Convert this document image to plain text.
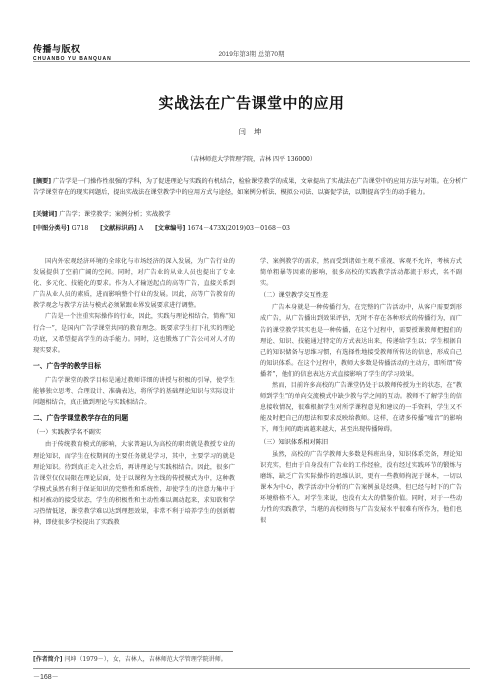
传播与版权
CHUANBO YU BANQUAN
2019年第3期 总第70期
实战法在广告课堂中的应用
闫 坤
（吉林师范大学管理学院，吉林 四平 136000）
[摘要] 广告学是一门操作性很强的学科，为了促进理论与实践的有机结合，检验课堂教学的成果，文章提出了实战法在广告课堂中的应用方法与对策。在分析广告学课堂存在的现实问题后，提出实战法在课堂教学中的应用方式与途径，如案例分析法、模拟公司法、以赛促学法，以期提高学生的动手能力。
[关键词] 广告学；课堂教学；案例分析；实战教学
[中图分类号] G718 [文献标识码] A [文章编号] 1674－473X(2019)03－0168－03

国内外宏观经济环境的全球化与市场经济的深入发展，为广告行业的发展提供了空前广阔的空间。同时，对广告业的从业人员也提出了专业化、多元化、技能化的要求。作为人才输送起点的高等广告，直接关系到广告从业人员的素质，进而影响整个行业的发展。因此，高等广告教育的教学观念与教学方法与模式必须紧跟业界发展要求进行调整。

广告是一个注重实际操作的行业，因此，实践与理论相结合，简称“知行合一”，是国内广告学课堂共同的教育理念。既要求学生打下扎实的理论功底，又希望提高学生的动手能力。同时，这也锻炼了广告公司对人才的现实要求。

一、广告学的教学目标

广告学课堂的教学目标是通过教师详细的讲授与积极的引导，使学生能够独立思考、合理设计、准确表达，将所学的基础理论知识与实际设计问题相结合，真正做到理论与实践相结合。

二、广告学课堂教学存在的问题
（一）实践教学名不副实

由于传统教育模式的影响，大家普遍认为高校的职责就是教授专业的理论知识，而学生在校期间的主要任务就是学习，其中，主要学习的就是理论知识。待到真正走入社会后，再讲理论与实践相结合。因此，很多广告课堂仅仅局限在理论层面，处于以课程为主线的传授模式为中，这种教学模式虽然有利于保证知识的完整性和系统性，却使学生的注意力集中于相对被动的接受状态，学生的积极性和主动性难以调动起来，求知欲和学习热情低迷，课堂教学难以达到理想效果，非常不利于培养学生的创新精神，即使很多学校提出了实践教

学、案例教学的需求，然而受到诸如主观不重视、客观不允许，考核方式简单粗暴等因素的影响，很多高校的实践教学活动都流于形式，名不副实。

（二）课堂教学交互性差

广告本身就是一种传播行为，在完整的广告活动中，从客户需要到形成广告，从广告播出到效果评估，无时不存在各种形式的传播行为，而广告的课堂教学其实也是一种传播，在这个过程中，需要授课教师把握们的理论、知识、技能通过特定的方式表达出来，传递给学生以；学生根据自己的知识储备与思维习惯，有选择性地接受教师所传达的信息，形成自己的知识体系。在这个过程中，教师大多数是传播活动的主动方，即所谓“传播者”，他们的信息表达方式直接影响了学生的学习效果。

然而，目前许多高校的广告课堂仍处于以教师传授为主的状态，在“教师到学生”的单向交流模式中缺少教与学之间的互动。教师不了解学生的信息接收情况，很难根据学生对所学课程意见和建议的一手资料，学生又不能及时把自己的想法和要求反映给教师。这样，在诸多传播“噪音”的影响下，师生间的距离越来越大，甚至出现传播障碍。

（三）知识体系相对陈旧

虽然，高校的广告学教师大多数是科班出身，知识体系完备，理论知识充实，但由于自身没有广告业的工作经验，没有经过实践环节的锻炼与磨练，缺乏广告实际操作的思维认识，更有一些教师拘泥于课本，一切以课本为中心，教学活动中分析的广告案例虽是经典，但已经与时下的广告环境格格不入，对学生来说，也没有太大的借鉴价值。同时，对于一些动力性的实践教学，当堪的高校师资与广告发展水平很难有所作为，他们也很

[作者简介] 闫坤（1979－），女，吉林人，吉林师范大学管理学院讲师。
－168－
